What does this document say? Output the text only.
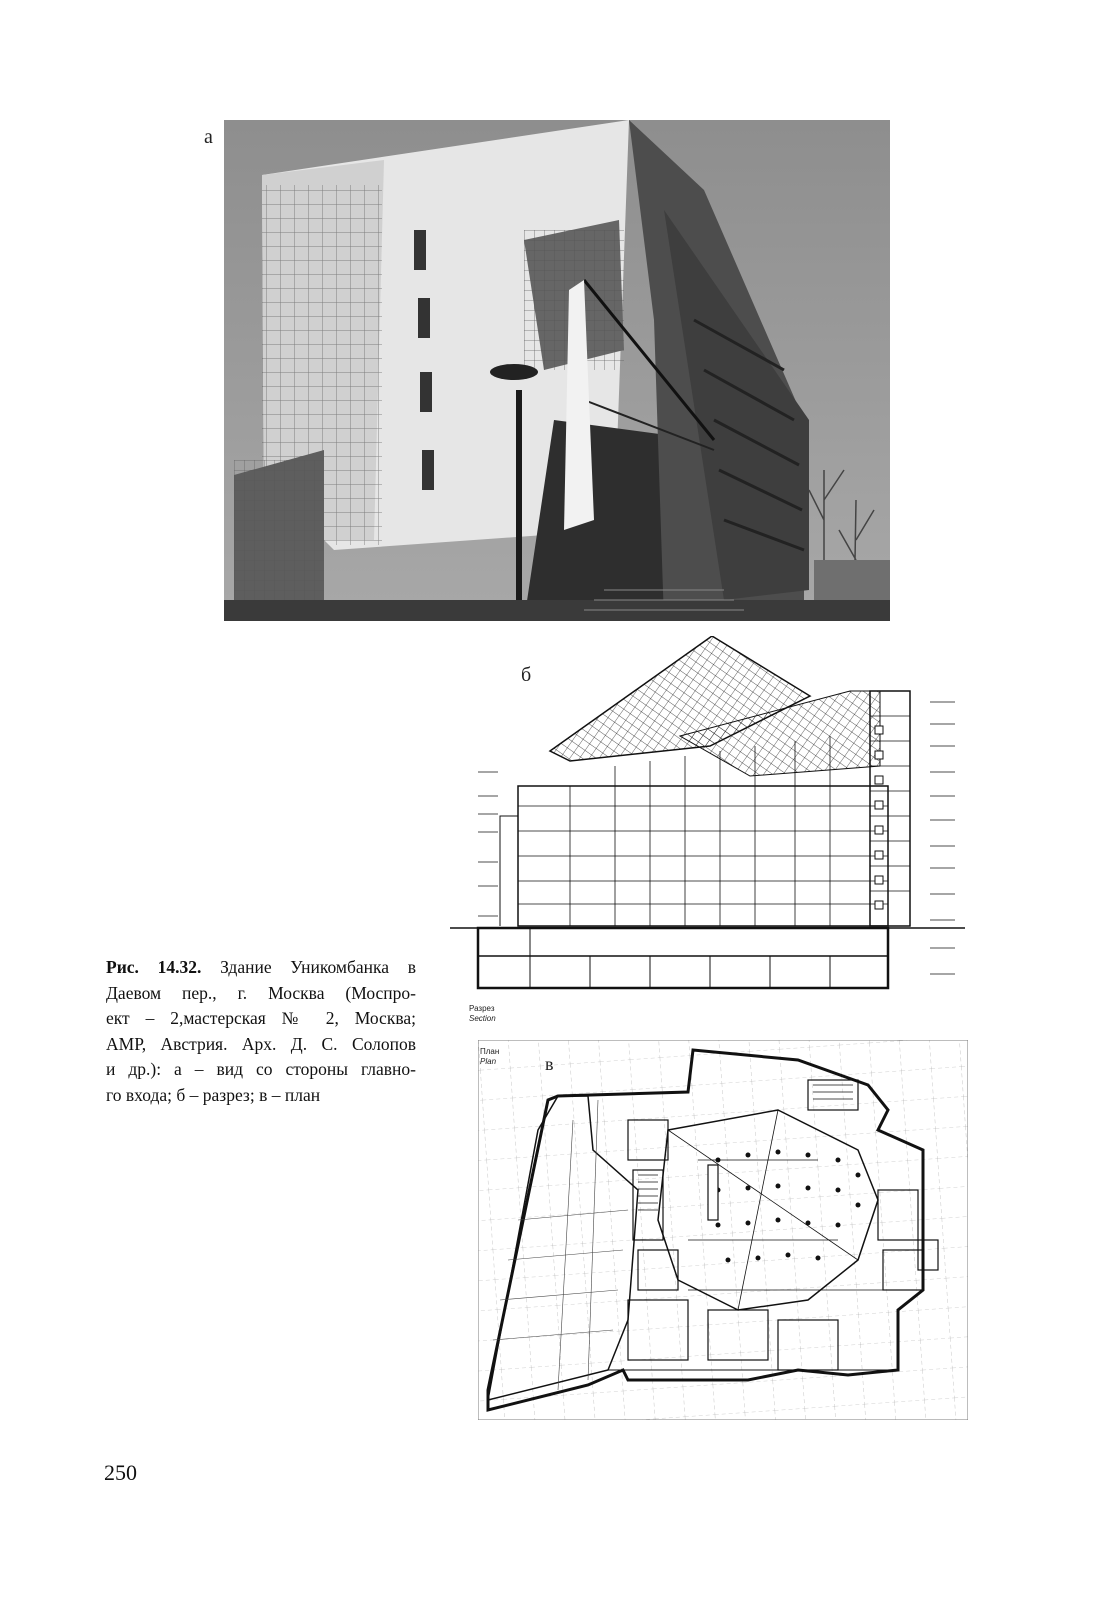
а
б
Разрез
Section
Рис. 14.32. Здание Уникомбанка в
Даевом пер., г. Москва (Моспро-
ект – 2,мастерская № 2, Москва;
АМР, Австрия. Арх. Д. С. Солопов
и др.): а – вид со стороны главно-
го входа; б – разрез; в – план
250
